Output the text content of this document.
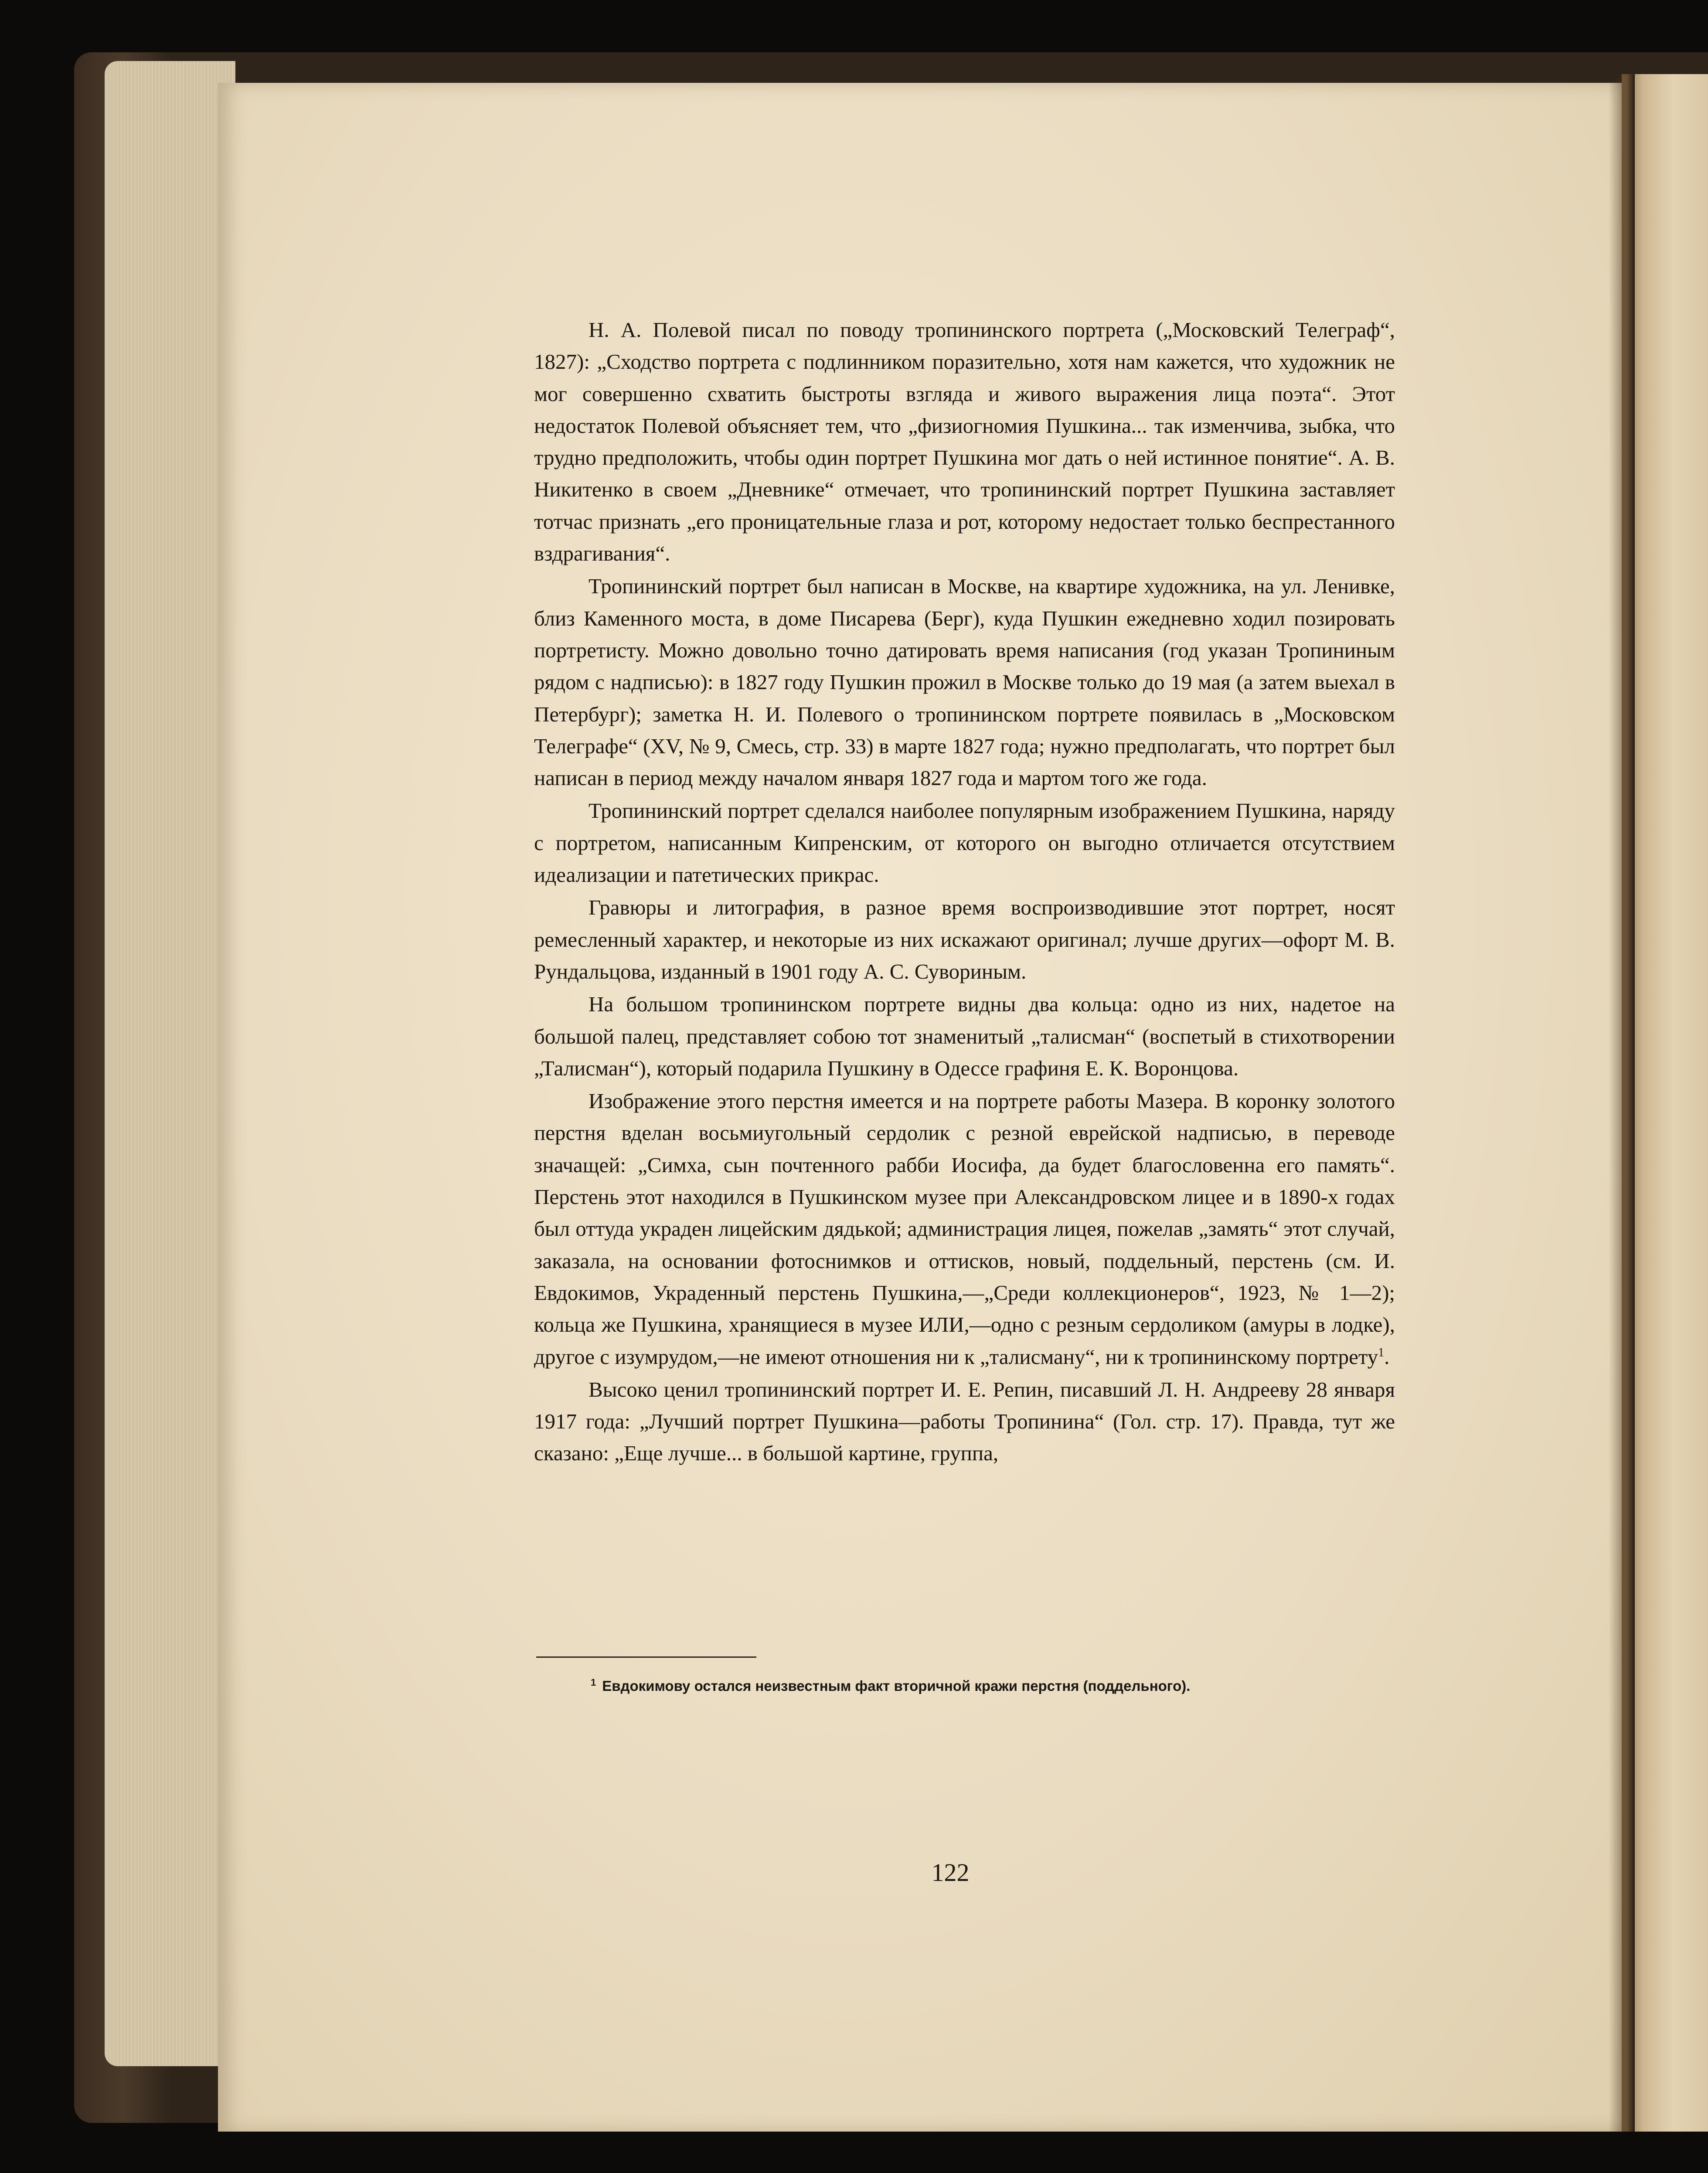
Н. А. Полевой писал по поводу тропининского портрета („Московский Телеграф“, 1827): „Сходство портрета с подлинником поразительно, хотя нам кажется, что художник не мог совершенно схватить быстроты взгляда и живого выражения лица поэта“. Этот недостаток Полевой объясняет тем, что „физиогномия Пушкина... так изменчива, зыбка, что трудно предположить, чтобы один портрет Пушкина мог дать о ней истинное понятие“. А. В. Никитенко в своем „Дневнике“ отмечает, что тропининский портрет Пушкина заставляет тотчас признать „его проницательные глаза и рот, которому недостает только беспрестанного вздрагивания“.

Тропининский портрет был написан в Москве, на квартире художника, на ул. Ленивке, близ Каменного моста, в доме Писарева (Берг), куда Пушкин ежедневно ходил позировать портретисту. Можно довольно точно датировать время написания (год указан Тропининым рядом с надписью): в 1827 году Пушкин прожил в Москве только до 19 мая (а затем выехал в Петербург); заметка Н. И. Полевого о тропининском портрете появилась в „Московском Телеграфе“ (XV, № 9, Смесь, стр. 33) в марте 1827 года; нужно предполагать, что портрет был написан в период между началом января 1827 года и мартом того же года.

Тропининский портрет сделался наиболее популярным изображением Пушкина, наряду с портретом, написанным Кипренским, от которого он выгодно отличается отсутствием идеализации и патетических прикрас.

Гравюры и литография, в разное время воспроизводившие этот портрет, носят ремесленный характер, и некоторые из них искажают оригинал; лучше других—офорт М. В. Рундальцова, изданный в 1901 году А. С. Сувориным.

На большом тропининском портрете видны два кольца: одно из них, надетое на большой палец, представляет собою тот знаменитый „талисман“ (воспетый в стихотворении „Талисман“), который подарила Пушкину в Одессе графиня Е. К. Воронцова.

Изображение этого перстня имеется и на портрете работы Мазера. В коронку золотого перстня вделан восьмиугольный сердолик с резной еврейской надписью, в переводе значащей: „Симха, сын почтенного рабби Иосифа, да будет благословенна его память“. Перстень этот находился в Пушкинском музее при Александровском лицее и в 1890-х годах был оттуда украден лицейским дядькой; администрация лицея, пожелав „замять“ этот случай, заказала, на основании фотоснимков и оттисков, новый, поддельный, перстень (см. И. Евдокимов, Украденный перстень Пушкина,—„Среди коллекционеров“, 1923, № 1—2); кольца же Пушкина, хранящиеся в музее ИЛИ,—одно с резным сердоликом (амуры в лодке), другое с изумрудом,—не имеют отношения ни к „талисману“, ни к тропининскому портрету$^1$.

Высоко ценил тропининский портрет И. Е. Репин, писавший Л. Н. Андрееву 28 января 1917 года: „Лучший портрет Пушкина—работы Тропинина“ (Гол. стр. 17). Правда, тут же сказано: „Еще лучше... в большой картине, группа,

$^1$ Евдокимову остался неизвестным факт вторичной кражи перстня (поддельного).
122
